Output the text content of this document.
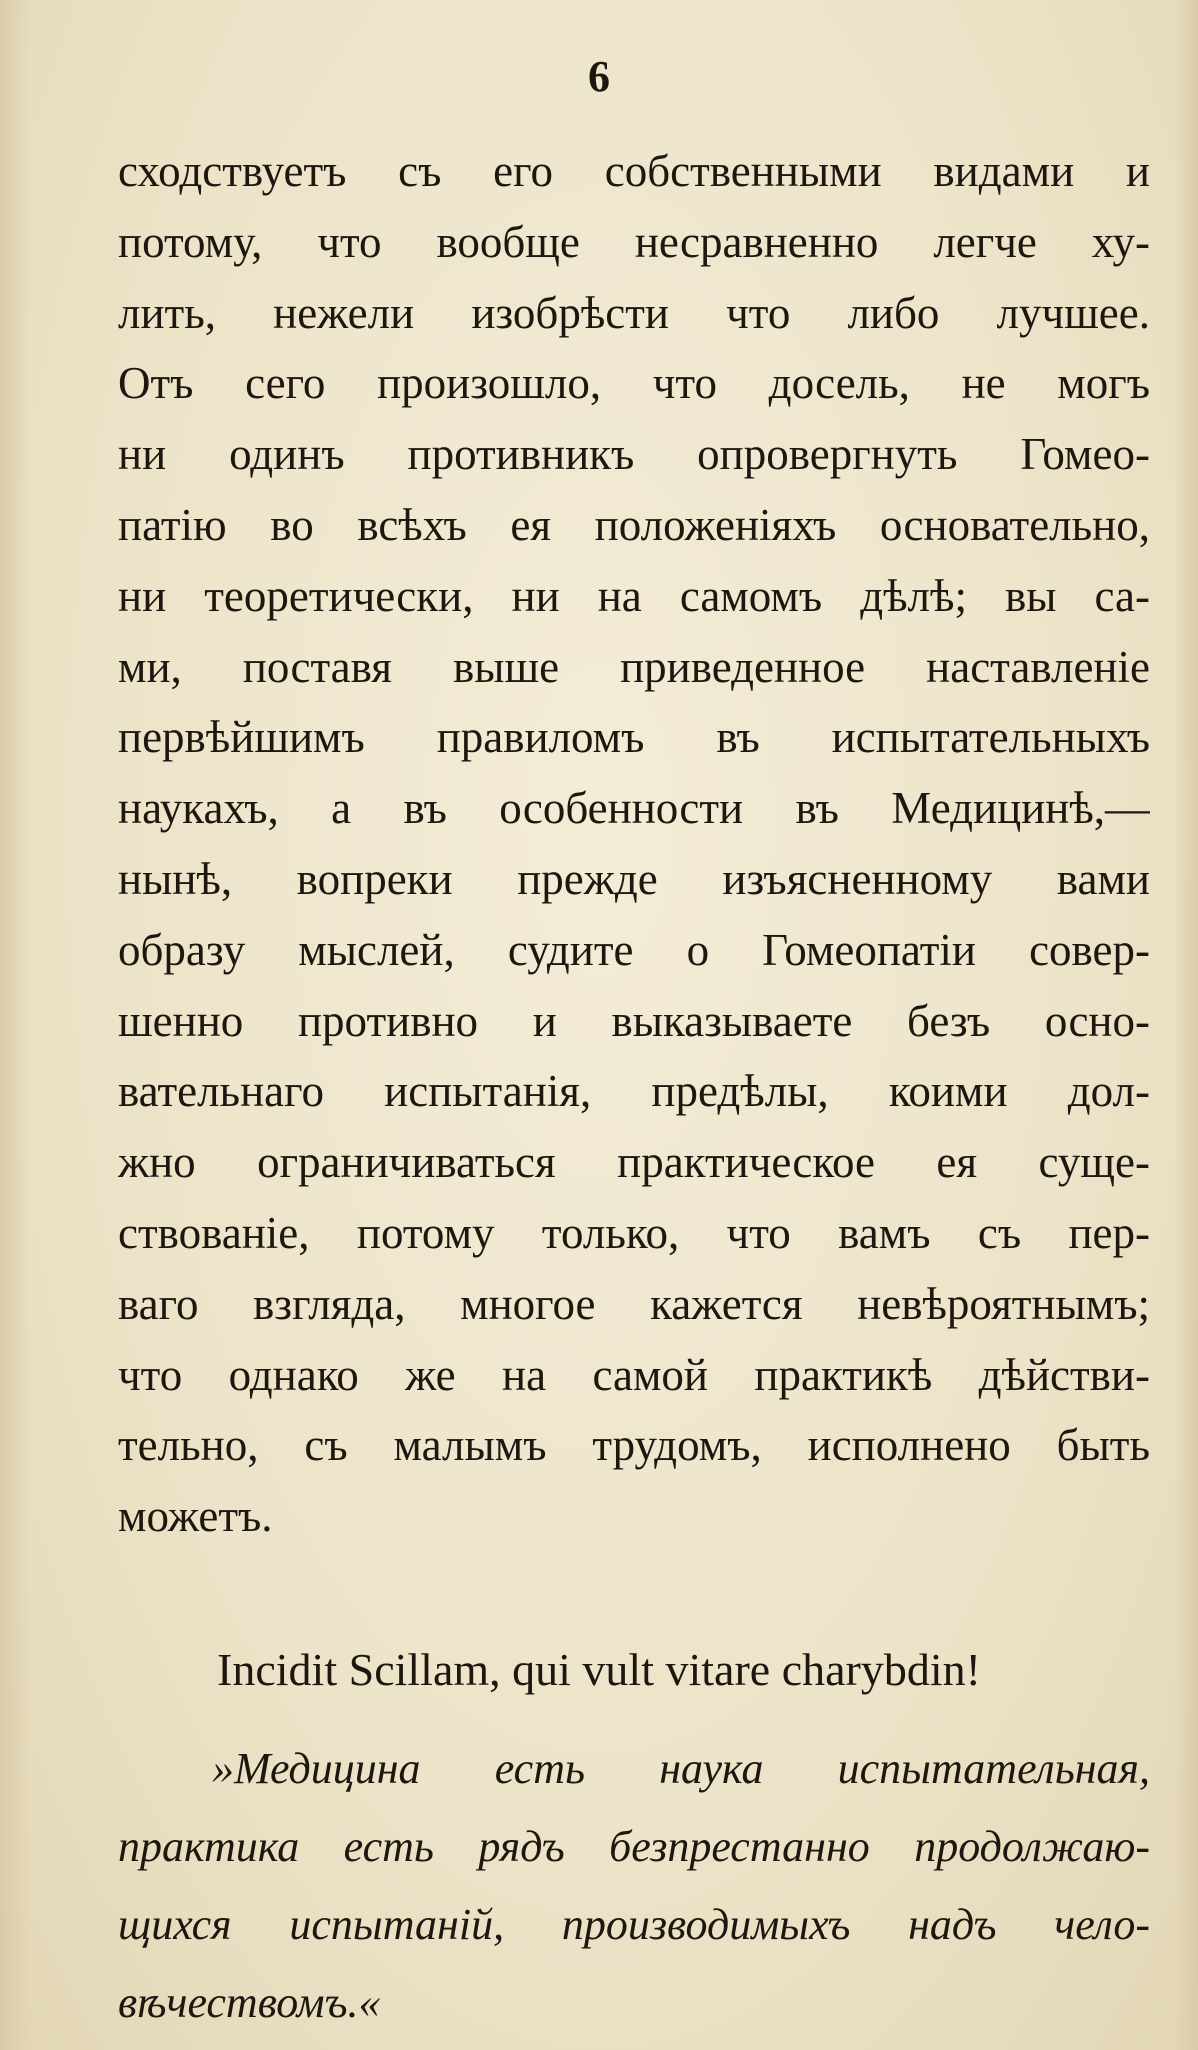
6
сходствуетъ съ его собственными видами и
потому, что вообще несравненно легче ху-
лить, нежели изобрѣсти что либо лучшее.
Отъ сего произошло, что досель, не могъ
ни одинъ противникъ опровергнуть Гомео-
патію во всѣхъ ея положеніяхъ основательно,
ни теоретически, ни на самомъ дѣлѣ; вы са-
ми, поставя выше приведенное наставленіе
первѣйшимъ правиломъ въ испытательныхъ
наукахъ, а въ особенности въ Медицинѣ,—
нынѣ, вопреки прежде изъясненному вами
образу мыслей, судите о Гомеопатіи совер-
шенно противно и выказываете безъ осно-
вательнаго испытанія, предѣлы, коими дол-
жно ограничиваться практическое ея суще-
ствованіе, потому только, что вамъ съ пер-
ваго взгляда, многое кажется невѣроятнымъ;
что однако же на самой практикѣ дѣйстви-
тельно, съ малымъ трудомъ, исполнено быть
можетъ.
Incidit Scillam, qui vult vitare charybdin!
»Медицина есть наука испытательная,
практика есть рядъ безпрестанно продолжаю-
щихся испытаній, производимыхъ надъ чело-
вѣчествомъ.«
